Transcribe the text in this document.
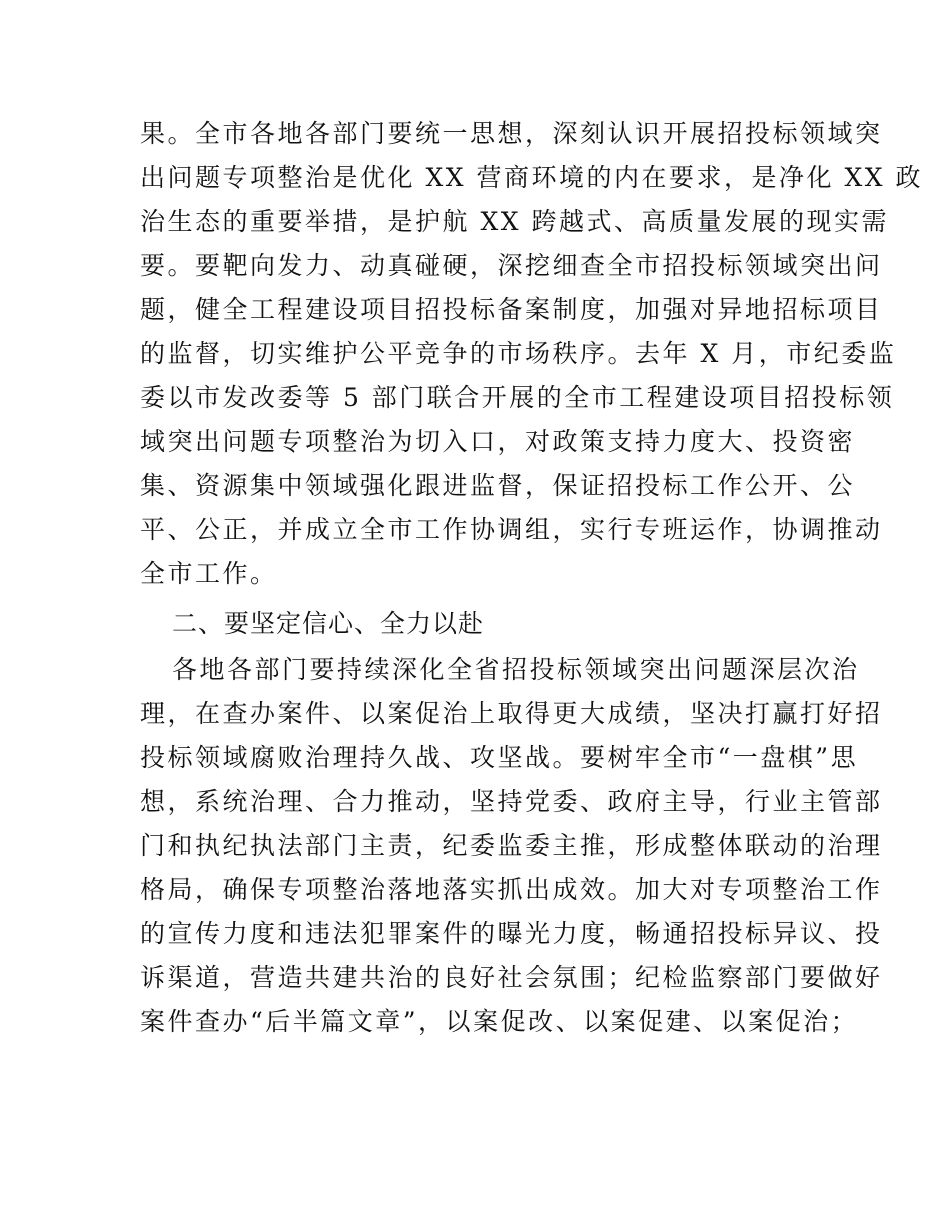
果。全市各地各部门要统一思想，深刻认识开展招投标领域突
出问题专项整治是优化 XX 营商环境的内在要求，是净化 XX 政
治生态的重要举措，是护航 XX 跨越式、高质量发展的现实需
要。要靶向发力、动真碰硬，深挖细查全市招投标领域突出问
题，健全工程建设项目招投标备案制度，加强对异地招标项目
的监督，切实维护公平竞争的市场秩序。去年 X 月，市纪委监
委以市发改委等 5 部门联合开展的全市工程建设项目招投标领
域突出问题专项整治为切入口，对政策支持力度大、投资密
集、资源集中领域强化跟进监督，保证招投标工作公开、公
平、公正，并成立全市工作协调组，实行专班运作，协调推动
全市工作。
二、要坚定信心、全力以赴
各地各部门要持续深化全省招投标领域突出问题深层次治
理，在查办案件、以案促治上取得更大成绩，坚决打赢打好招
投标领域腐败治理持久战、攻坚战。要树牢全市“一盘棋”思
想，系统治理、合力推动，坚持党委、政府主导，行业主管部
门和执纪执法部门主责，纪委监委主推，形成整体联动的治理
格局，确保专项整治落地落实抓出成效。加大对专项整治工作
的宣传力度和违法犯罪案件的曝光力度，畅通招投标异议、投
诉渠道，营造共建共治的良好社会氛围；纪检监察部门要做好
案件查办“后半篇文章”，以案促改、以案促建、以案促治；
